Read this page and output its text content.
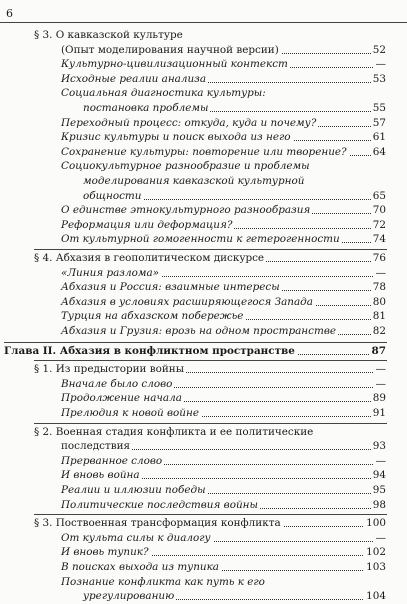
6
§ 3. О кавказской культуре
(Опыт моделирования научной версии)	52
Культурно-цивилизационный контекст	—
Исходные реалии анализа	53
Социальная диагностика культуры:
постановка проблемы	55
Переходный процесс: откуда, куда и почему?	57
Кризис культуры и поиск выхода из него	61
Сохранение культуры: повторение или творение?	64
Социокультурное разнообразие и проблемы
моделирования кавказской культурной
общности	65
О единстве этнокультурного разнообразия	70
Реформация или деформация?	72
От культурной гомогенности к гетерогенности	74
§ 4. Абхазия в геополитическом дискурсе	76
«Линия разлома»	—
Абхазия и Россия: взаимные интересы	78
Абхазия в условиях расширяющегося Запада	80
Турция на абхазском побережье	81
Абхазия и Грузия: врозь на одном пространстве	82
Глава II. Абхазия в конфликтном пространстве	87
§ 1. Из предыстории войны	—
Вначале было слово	—
Продолжение начала	89
Прелюдия к новой войне	91
§ 2. Военная стадия конфликта и ее политические
последствия	93
Прерванное слово	—
И вновь война	94
Реалии и иллюзии победы	95
Политические последствия войны	98
§ 3. Поствоенная трансформация конфликта	100
От культа силы к диалогу	—
И вновь тупик?	102
В поисках выхода из тупика	103
Познание конфликта как путь к его
урегулированию	104
